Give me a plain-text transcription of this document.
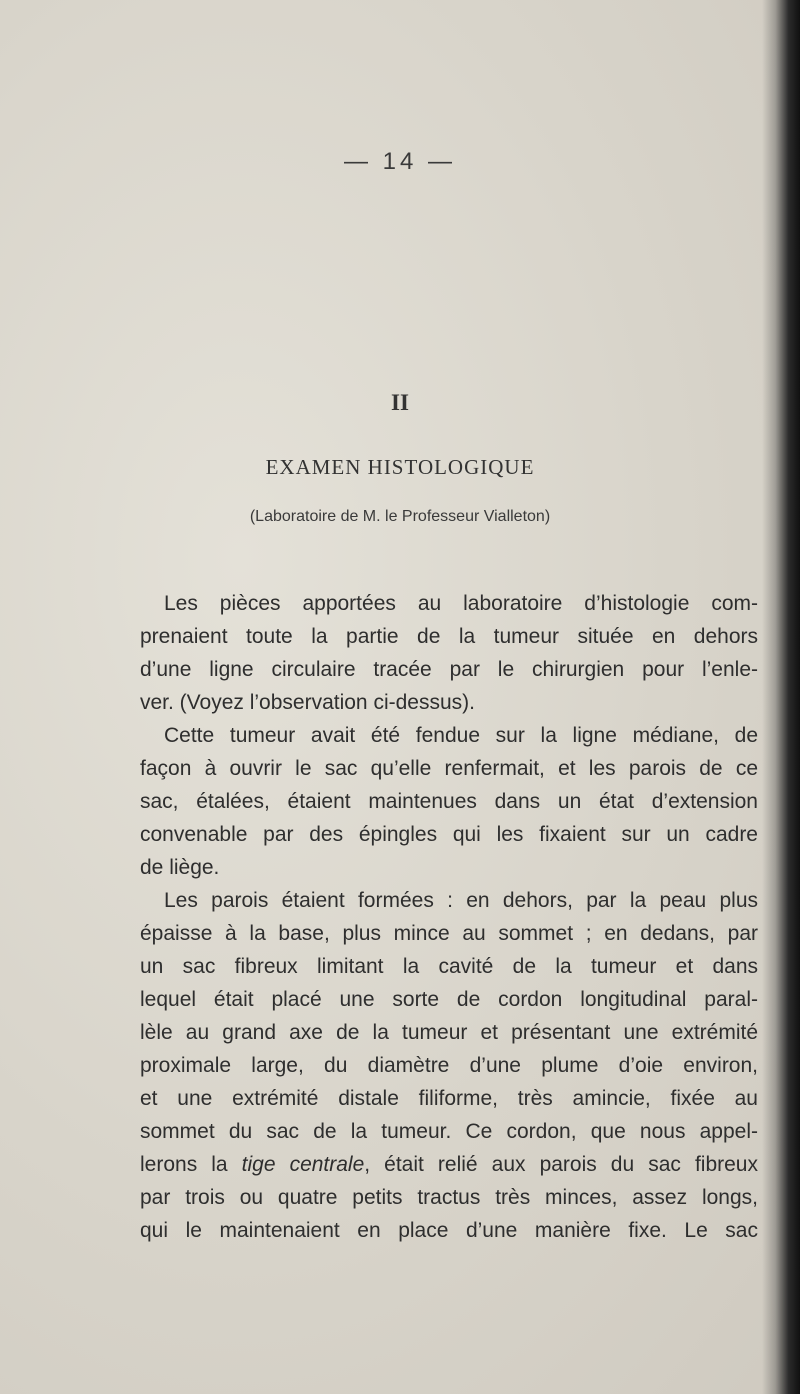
— 14 —
II
EXAMEN HISTOLOGIQUE
(Laboratoire de M. le Professeur Vialleton)
Les pièces apportées au laboratoire d’histologie com-
prenaient toute la partie de la tumeur située en dehors
d’une ligne circulaire tracée par le chirurgien pour l’enle-
ver. (Voyez l’observation ci-dessus).
Cette tumeur avait été fendue sur la ligne médiane, de
façon à ouvrir le sac qu’elle renfermait, et les parois de ce
sac, étalées, étaient maintenues dans un état d’extension
convenable par des épingles qui les fixaient sur un cadre
de liège.
Les parois étaient formées : en dehors, par la peau plus
épaisse à la base, plus mince au sommet ; en dedans, par
un sac fibreux limitant la cavité de la tumeur et dans
lequel était placé une sorte de cordon longitudinal paral-
lèle au grand axe de la tumeur et présentant une extrémité
proximale large, du diamètre d’une plume d’oie environ,
et une extrémité distale filiforme, très amincie, fixée au
sommet du sac de la tumeur. Ce cordon, que nous appel-
lerons la tige centrale, était relié aux parois du sac fibreux
par trois ou quatre petits tractus très minces, assez longs,
qui le maintenaient en place d’une manière fixe. Le sac
